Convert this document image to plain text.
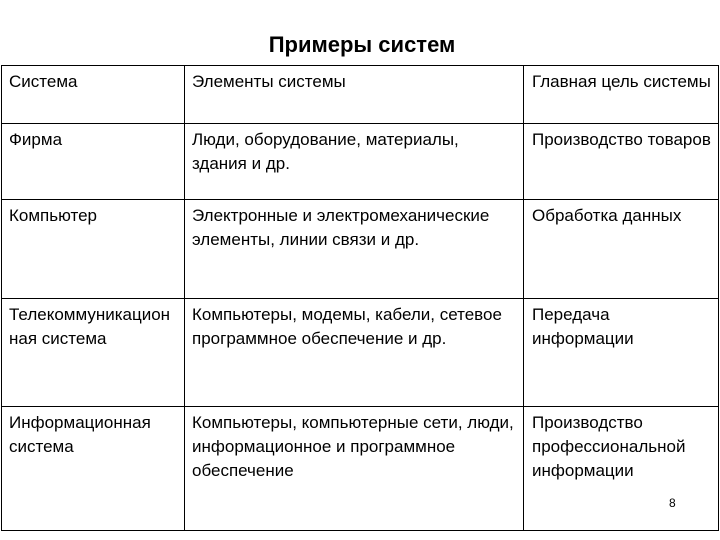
Примеры систем
Система	Элементы системы	Главная цель системы
Фирма	Люди, оборудование, материалы, здания и др.	Производство товаров
Компьютер	Электронные и электромеханические элементы, линии связи и др.	Обработка данных
Телекоммуникационная система	Компьютеры, модемы, кабели, сетевое программное обеспечение и др.	Передача информации
Информационная система	Компьютеры, компьютерные сети, люди, информационное и программное обеспечение	Производство профессиональной информации
8
